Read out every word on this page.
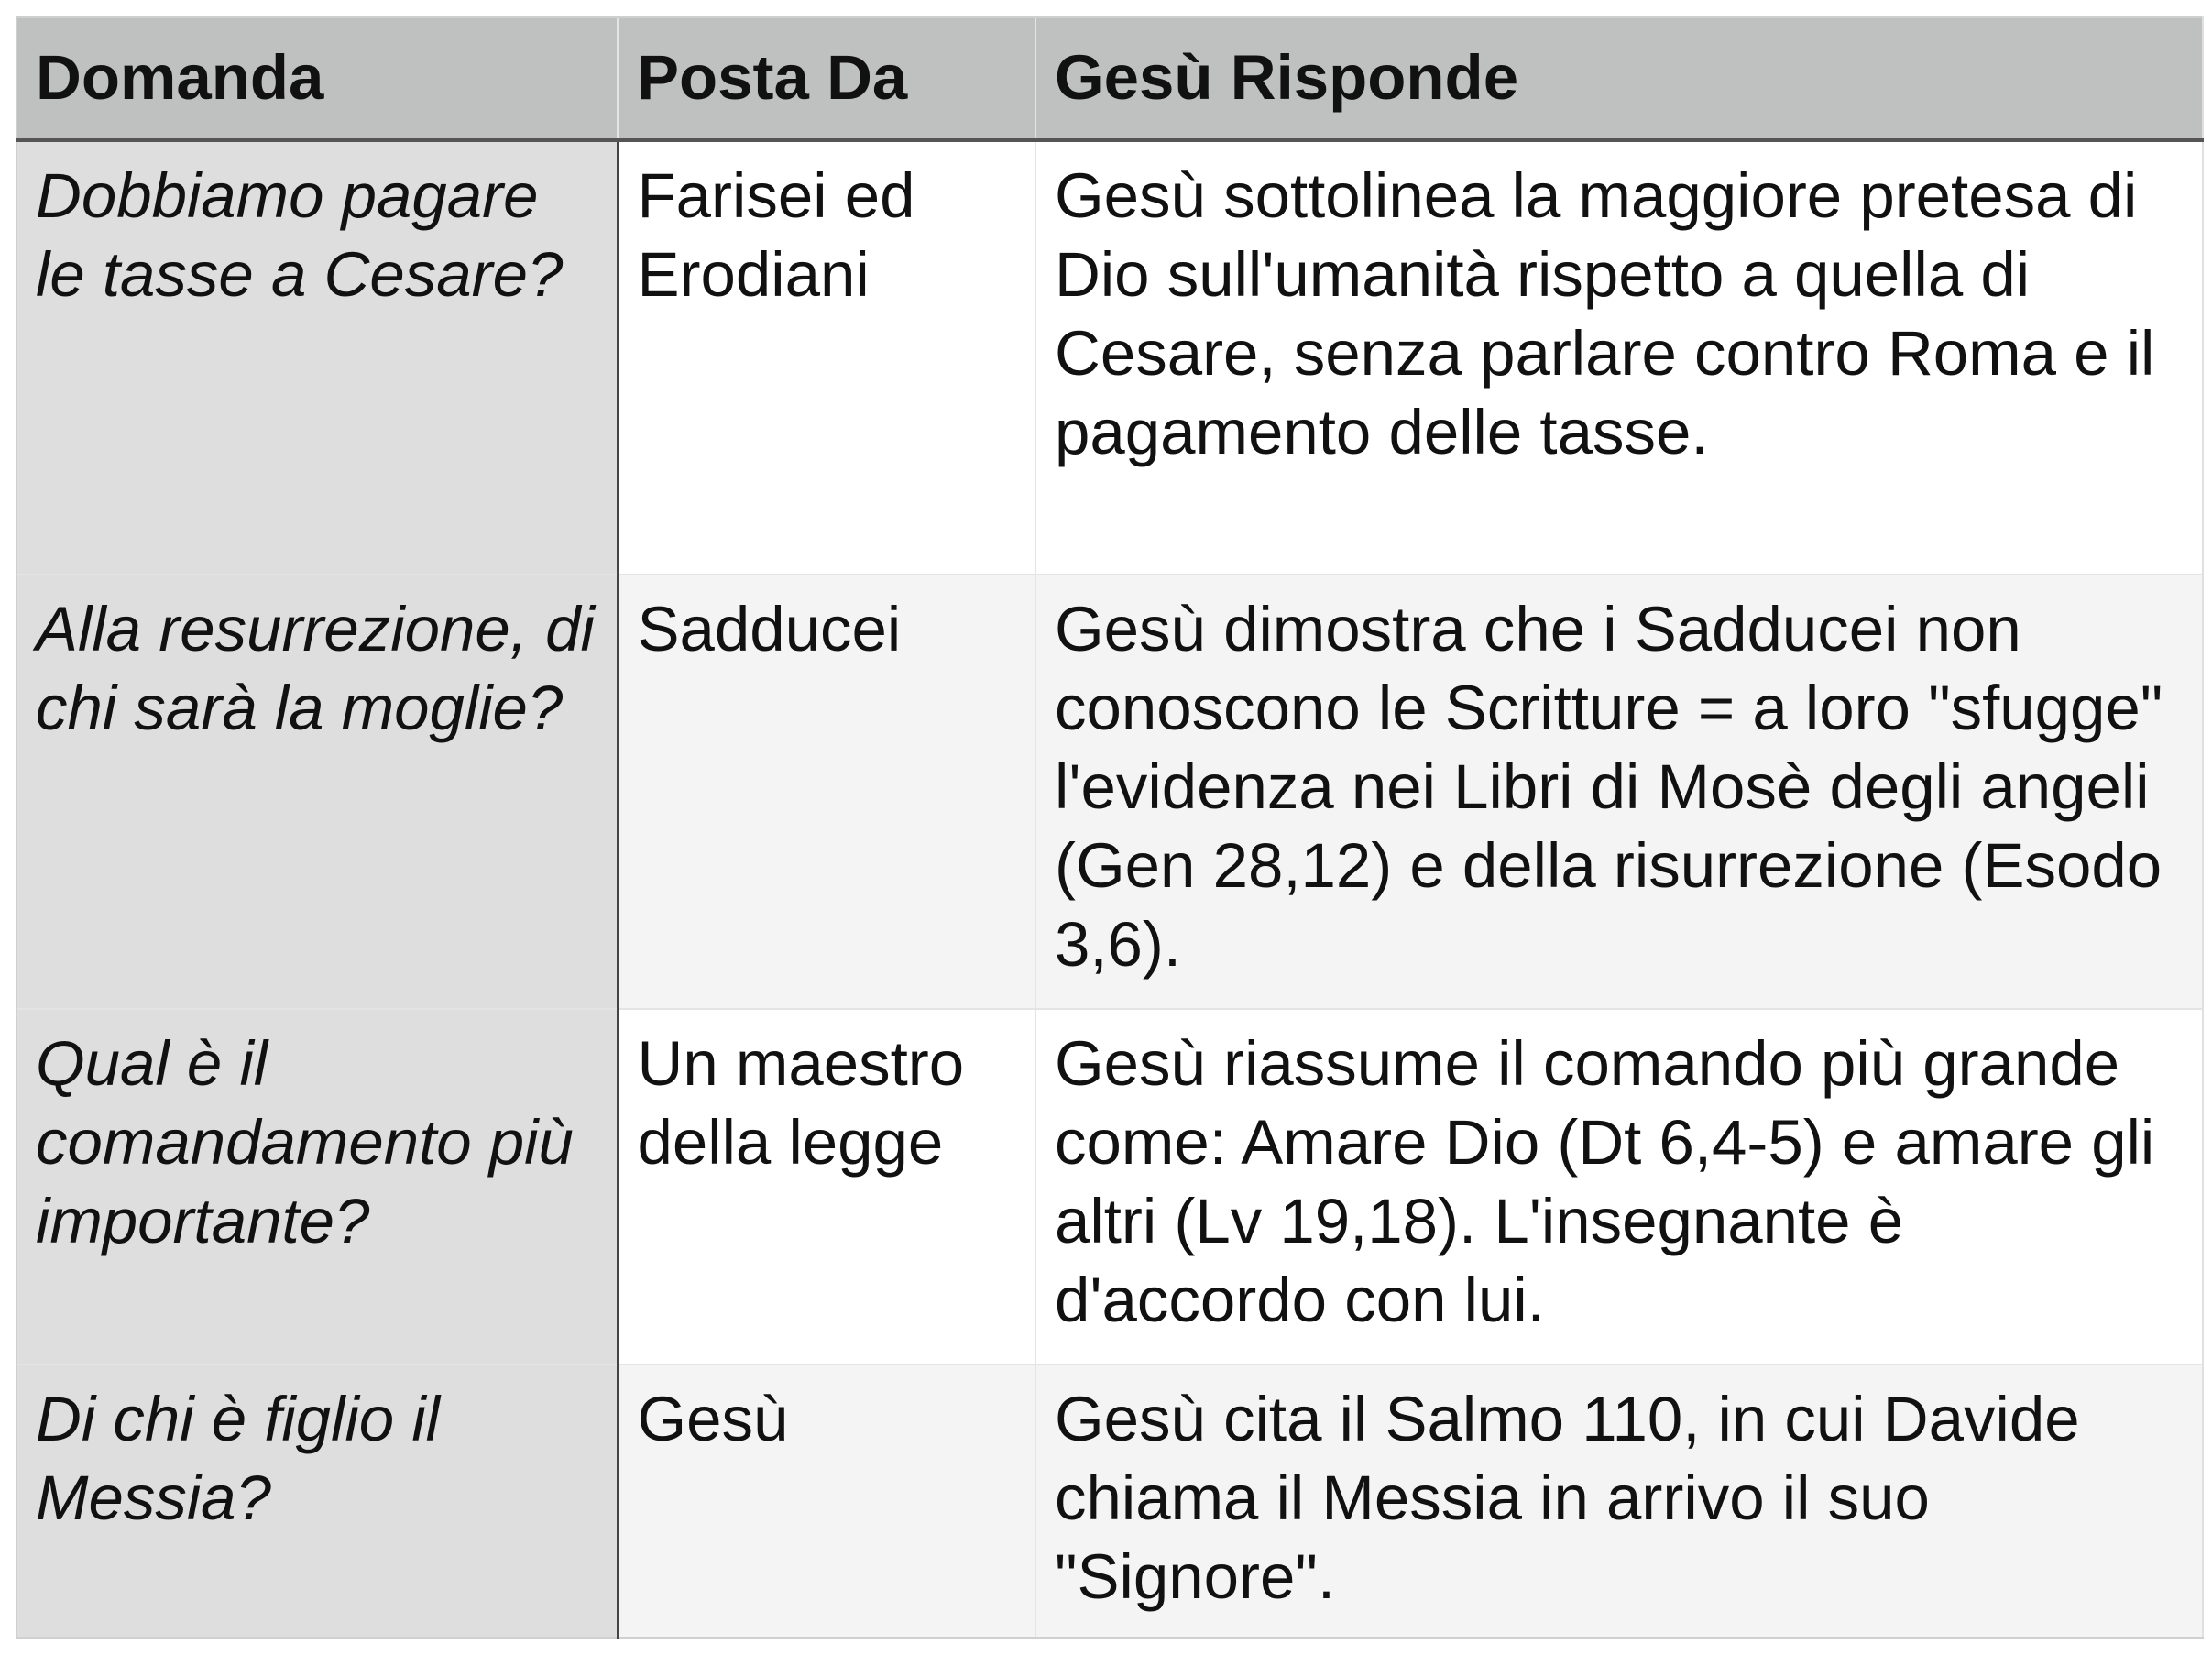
Domanda	Posta Da	Gesù Risponde
Dobbiamo pagare le tasse a Cesare?	Farisei ed Erodiani	Gesù sottolinea la maggiore pretesa di Dio sull'umanità rispetto a quella di Cesare, senza parlare contro Roma e il pagamento delle tasse.
Alla resurrezione, di chi sarà la moglie?	Sadducei	Gesù dimostra che i Sadducei non conoscono le Scritture = a loro "sfugge" l'evidenza nei Libri di Mosè degli angeli (Gen 28,12) e della risurrezione (Esodo 3,6).
Qual è il comandamento più importante?	Un maestro della legge	Gesù riassume il comando più grande come: Amare Dio (Dt 6,4-5) e amare gli altri (Lv 19,18). L'insegnante è d'accordo con lui.
Di chi è figlio il Messia?	Gesù	Gesù cita il Salmo 110, in cui Davide chiama il Messia in arrivo il suo "Signore".
